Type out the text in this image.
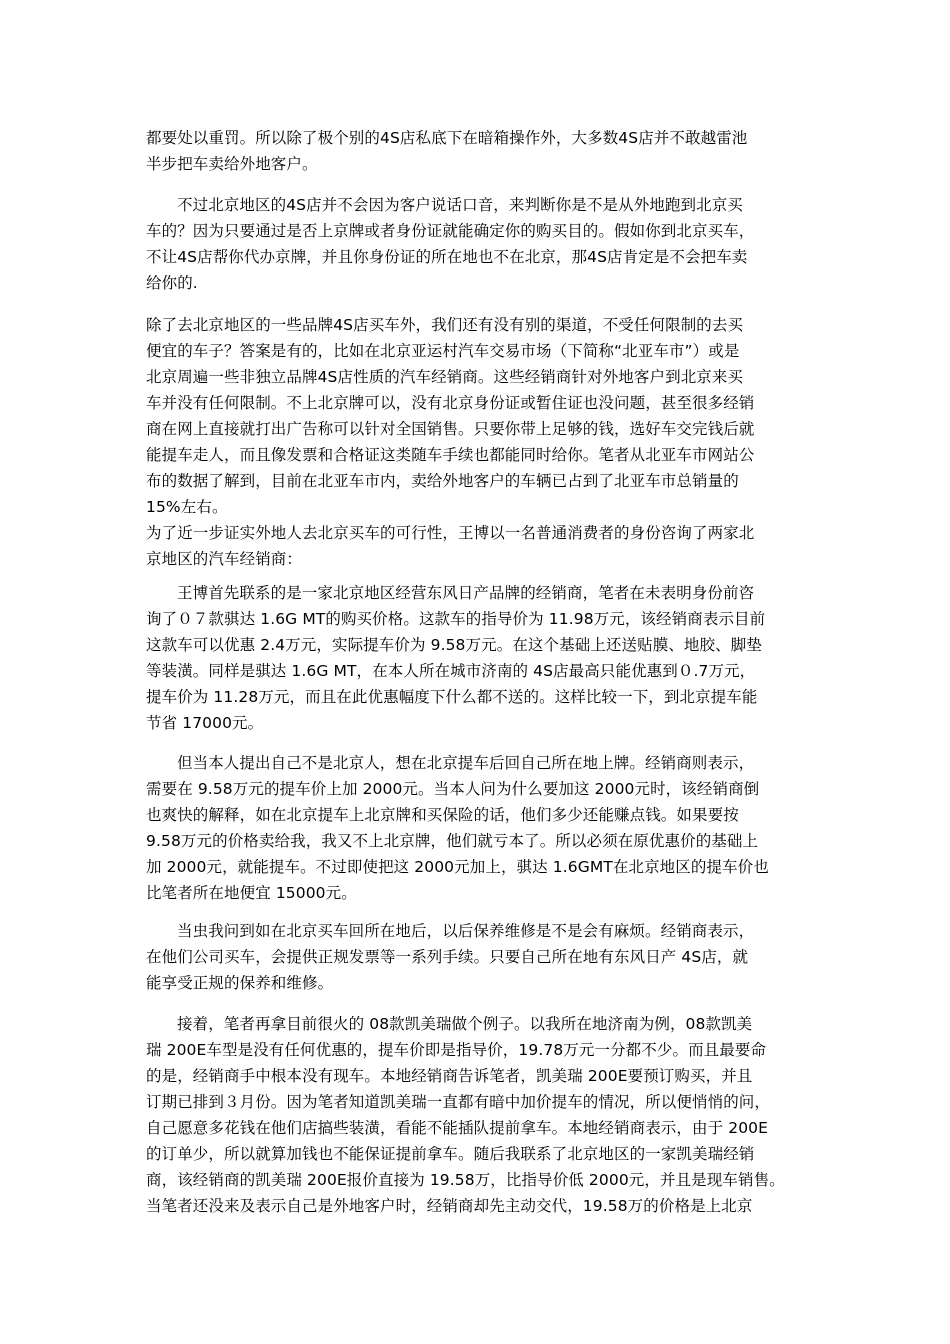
都要处以重罚。所以除了极个别的4S店私底下在暗箱操作外，大多数4S店并不敢越雷池
半步把车卖给外地客户。
不过北京地区的4S店并不会因为客户说话口音，来判断你是不是从外地跑到北京买
车的？因为只要通过是否上京牌或者身份证就能确定你的购买目的。假如你到北京买车，
不让4S店帮你代办京牌，并且你身份证的所在地也不在北京，那4S店肯定是不会把车卖
给你的.
除了去北京地区的一些品牌4S店买车外，我们还有没有别的渠道，不受任何限制的去买
便宜的车子？答案是有的，比如在北京亚运村汽车交易市场（下简称“北亚车市”）或是
北京周遍一些非独立品牌4S店性质的汽车经销商。这些经销商针对外地客户到北京来买
车并没有任何限制。不上北京牌可以，没有北京身份证或暂住证也没问题，甚至很多经销
商在网上直接就打出广告称可以针对全国销售。只要你带上足够的钱，选好车交完钱后就
能提车走人，而且像发票和合格证这类随车手续也都能同时给你。笔者从北亚车市网站公
布的数据了解到，目前在北亚车市内，卖给外地客户的车辆已占到了北亚车市总销量的
15%左右。
为了近一步证实外地人去北京买车的可行性，王博以一名普通消费者的身份咨询了两家北
京地区的汽车经销商：
王博首先联系的是一家北京地区经营东风日产品牌的经销商，笔者在未表明身份前咨
询了０７款骐达 1.6G MT的购买价格。这款车的指导价为 11.98万元，该经销商表示目前
这款车可以优惠 2.4万元，实际提车价为 9.58万元。在这个基础上还送贴膜、地胶、脚垫
等装潢。同样是骐达 1.6G MT，在本人所在城市济南的 4S店最高只能优惠到０.7万元，
提车价为 11.28万元，而且在此优惠幅度下什么都不送的。这样比较一下，到北京提车能
节省 17000元。
但当本人提出自己不是北京人，想在北京提车后回自己所在地上牌。经销商则表示，
需要在 9.58万元的提车价上加 2000元。当本人问为什么要加这 2000元时，该经销商倒
也爽快的解释，如在北京提车上北京牌和买保险的话，他们多少还能赚点钱。如果要按
9.58万元的价格卖给我，我又不上北京牌，他们就亏本了。所以必须在原优惠价的基础上
加 2000元，就能提车。不过即使把这 2000元加上，骐达 1.6GMT在北京地区的提车价也
比笔者所在地便宜 15000元。
当虫我问到如在北京买车回所在地后，以后保养维修是不是会有麻烦。经销商表示，
在他们公司买车，会提供正规发票等一系列手续。只要自己所在地有东风日产 4S店，就
能享受正规的保养和维修。
接着，笔者再拿目前很火的 08款凯美瑞做个例子。以我所在地济南为例，08款凯美
瑞 200E车型是没有任何优惠的，提车价即是指导价，19.78万元一分都不少。而且最要命
的是，经销商手中根本没有现车。本地经销商告诉笔者，凯美瑞 200E要预订购买，并且
订期已排到３月份。因为笔者知道凯美瑞一直都有暗中加价提车的情况，所以便悄悄的问，
自己愿意多花钱在他们店搞些装潢，看能不能插队提前拿车。本地经销商表示，由于 200E
的订单少，所以就算加钱也不能保证提前拿车。随后我联系了北京地区的一家凯美瑞经销
商，该经销商的凯美瑞 200E报价直接为 19.58万，比指导价低 2000元，并且是现车销售。
当笔者还没来及表示自己是外地客户时，经销商却先主动交代，19.58万的价格是上北京
